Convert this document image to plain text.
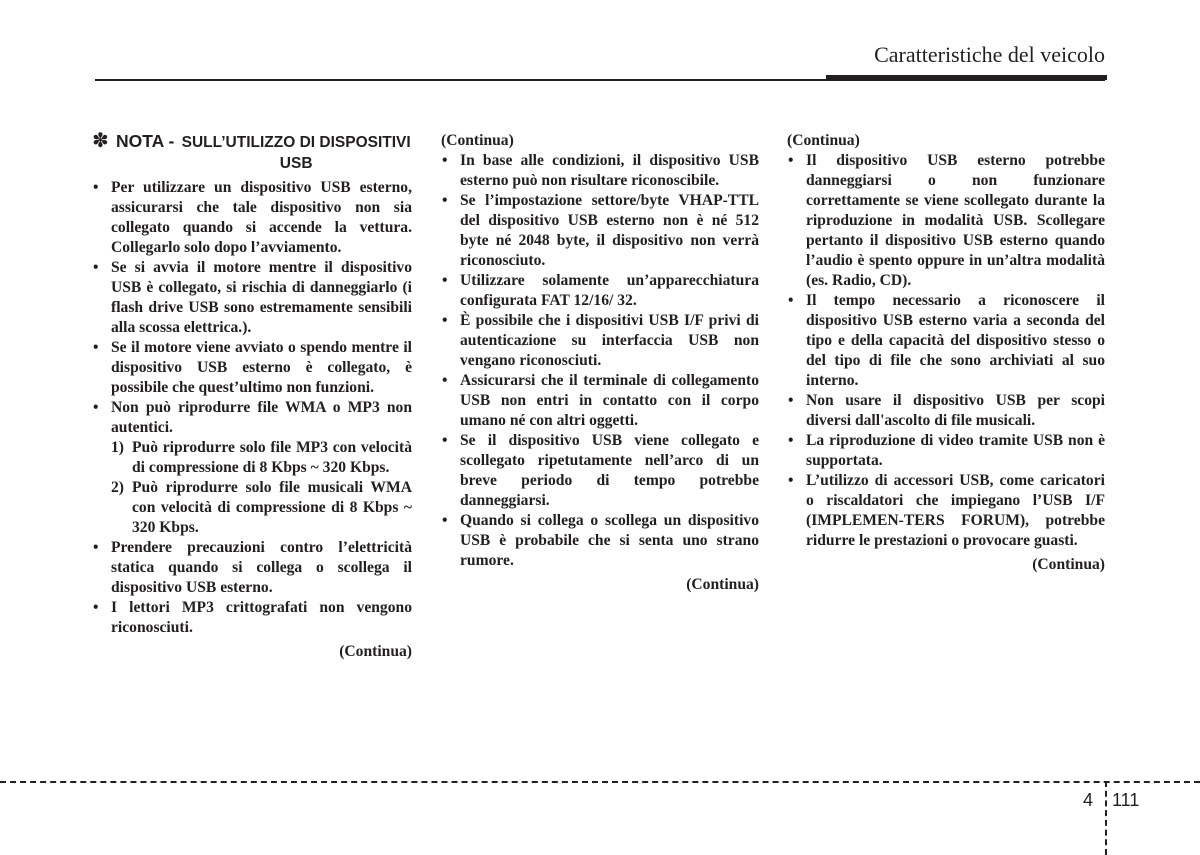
Caratteristiche del veicolo
✽ NOTA - SULL’UTILIZZO DI DISPOSITIVI USB
• Per utilizzare un dispositivo USB esterno, assicurarsi che tale dispositivo non sia collegato quando si accende la vettura. Collegarlo solo dopo l’avviamento.
• Se si avvia il motore mentre il dispositivo USB è collegato, si rischia di danneggiarlo (i flash drive USB sono estremamente sensibili alla scossa elettrica.).
• Se il motore viene avviato o spendo mentre il dispositivo USB esterno è collegato, è possibile che quest’ultimo non funzioni.
• Non può riprodurre file WMA o MP3 non autentici.
1) Può riprodurre solo file MP3 con velocità di compressione di 8 Kbps ~ 320 Kbps.
2) Può riprodurre solo file musicali WMA con velocità di compressione di 8 Kbps ~ 320 Kbps.
• Prendere precauzioni contro l’elettricità statica quando si collega o scollega il dispositivo USB esterno.
• I lettori MP3 crittografati non vengono riconosciuti.
(Continua)
(Continua)
• In base alle condizioni, il dispositivo USB esterno può non risultare riconoscibile.
• Se l’impostazione settore/byte VHAP-TTL del dispositivo USB esterno non è né 512 byte né 2048 byte, il dispositivo non verrà riconosciuto.
• Utilizzare solamente un’apparecchiatura configurata FAT 12/16/ 32.
• È possibile che i dispositivi USB I/F privi di autenticazione su interfaccia USB non vengano riconosciuti.
• Assicurarsi che il terminale di collegamento USB non entri in contatto con il corpo umano né con altri oggetti.
• Se il dispositivo USB viene collegato e scollegato ripetutamente nell’arco di un breve periodo di tempo potrebbe danneggiarsi.
• Quando si collega o scollega un dispositivo USB è probabile che si senta uno strano rumore.
(Continua)
(Continua)
• Il dispositivo USB esterno potrebbe danneggiarsi o non funzionare correttamente se viene scollegato durante la riproduzione in modalità USB. Scollegare pertanto il dispositivo USB esterno quando l’audio è spento oppure in un’altra modalità (es. Radio, CD).
• Il tempo necessario a riconoscere il dispositivo USB esterno varia a seconda del tipo e della capacità del dispositivo stesso o del tipo di file che sono archiviati al suo interno.
• Non usare il dispositivo USB per scopi diversi dall'ascolto di file musicali.
• La riproduzione di video tramite USB non è supportata.
• L’utilizzo di accessori USB, come caricatori o riscaldatori che impiegano l’USB I/F (IMPLEMEN-TERS FORUM), potrebbe ridurre le prestazioni o provocare guasti.
(Continua)
4 111
